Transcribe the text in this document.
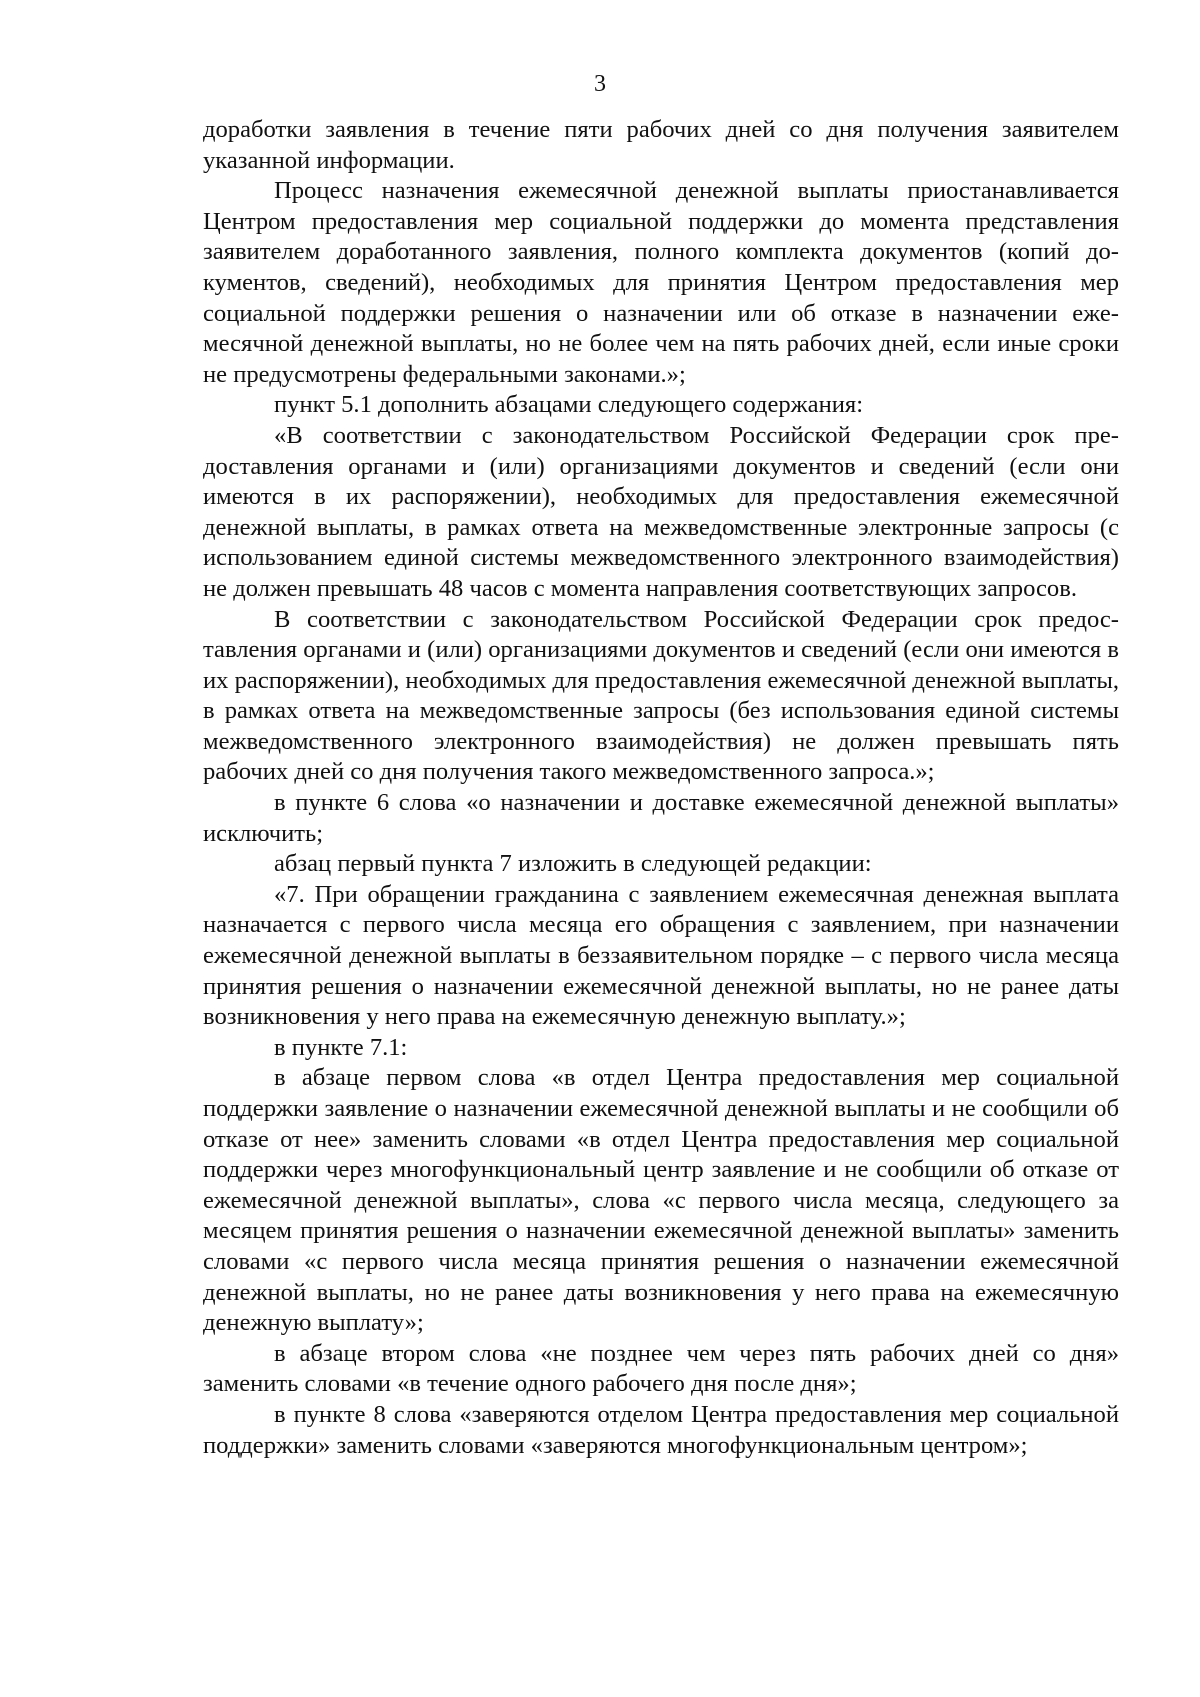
3

доработки заявления в течение пяти рабочих дней со дня получения заявителем указанной информации.

Процесс назначения ежемесячной денежной выплаты приостанавливается Центром предоставления мер социальной поддержки до момента представления заявителем доработанного заявления, полного комплекта документов (копий документов, сведений), необходимых для принятия Центром предоставления мер социальной поддержки решения о назначении или об отказе в назначении ежемесячной денежной выплаты, но не более чем на пять рабочих дней, если иные сроки не предусмотрены федеральными законами.»;

пункт 5.1 дополнить абзацами следующего содержания:

«В соответствии с законодательством Российской Федерации срок предоставления органами и (или) организациями документов и сведений (если они имеются в их распоряжении), необходимых для предоставления ежемесячной денежной выплаты, в рамках ответа на межведомственные электронные запросы (с использованием единой системы межведомственного электронного взаимодействия) не должен превышать 48 часов с момента направления соответствующих запросов.

В соответствии с законодательством Российской Федерации срок предоставления органами и (или) организациями документов и сведений (если они имеются в их распоряжении), необходимых для предоставления ежемесячной денежной выплаты, в рамках ответа на межведомственные запросы (без использования единой системы межведомственного электронного взаимодействия) не должен превышать пять рабочих дней со дня получения такого межведомственного запроса.»;

в пункте 6 слова «о назначении и доставке ежемесячной денежной выплаты» исключить;

абзац первый пункта 7 изложить в следующей редакции:

«7. При обращении гражданина с заявлением ежемесячная денежная выплата назначается с первого числа месяца его обращения с заявлением, при назначении ежемесячной денежной выплаты в беззаявительном порядке – с первого числа месяца принятия решения о назначении ежемесячной денежной выплаты, но не ранее даты возникновения у него права на ежемесячную денежную выплату.»;

в пункте 7.1:

в абзаце первом слова «в отдел Центра предоставления мер социальной поддержки заявление о назначении ежемесячной денежной выплаты и не сообщили об отказе от нее» заменить словами «в отдел Центра предоставления мер социальной поддержки через многофункциональный центр заявление и не сообщили об отказе от ежемесячной денежной выплаты», слова «с первого числа месяца, следующего за месяцем принятия решения о назначении ежемесячной денежной выплаты» заменить словами «с первого числа месяца принятия решения о назначении ежемесячной денежной выплаты, но не ранее даты возникновения у него права на ежемесячную денежную выплату»;

в абзаце втором слова «не позднее чем через пять рабочих дней со дня» заменить словами «в течение одного рабочего дня после дня»;

в пункте 8 слова «заверяются отделом Центра предоставления мер социальной поддержки» заменить словами «заверяются многофункциональным центром»;
